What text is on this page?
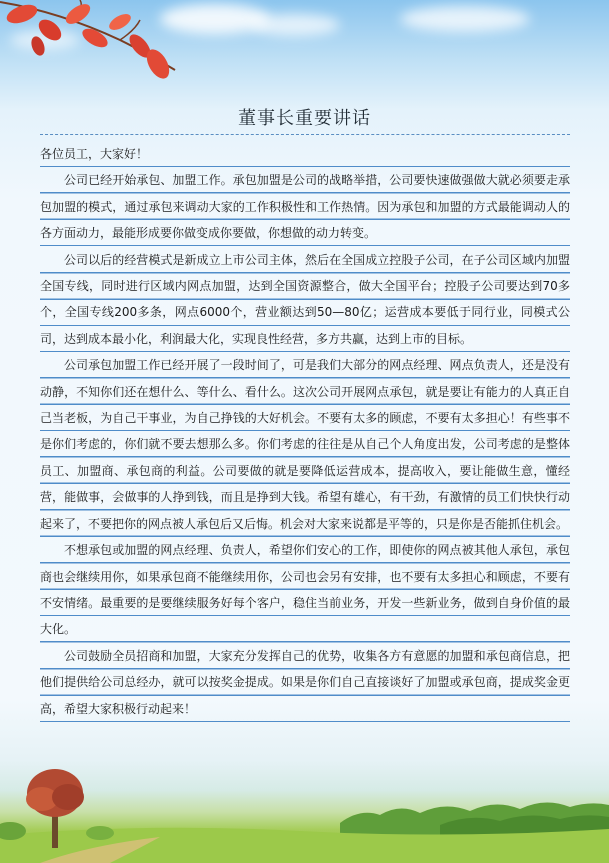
董事长重要讲话

各位员工，大家好！

公司已经开始承包、加盟工作。承包加盟是公司的战略举措，公司要快速做强做大就必须要走承包加盟的模式，通过承包来调动大家的工作积极性和工作热情。因为承包和加盟的方式最能调动人的各方面动力，最能形成要你做变成你要做，你想做的动力转变。

公司以后的经营模式是新成立上市公司主体，然后在全国成立控股子公司，在子公司区域内加盟全国专线，同时进行区域内网点加盟，达到全国资源整合，做大全国平台；控股子公司要达到70多个，全国专线200多条，网点6000个，营业额达到50—80亿；运营成本要低于同行业，同模式公司，达到成本最小化，利润最大化，实现良性经营，多方共赢，达到上市的目标。

公司承包加盟工作已经开展了一段时间了，可是我们大部分的网点经理、网点负责人，还是没有动静，不知你们还在想什么、等什么、看什么。这次公司开展网点承包，就是要让有能力的人真正自己当老板，为自己干事业，为自己挣钱的大好机会。不要有太多的顾虑，不要有太多担心！有些事不是你们考虑的，你们就不要去想那么多。你们考虑的往往是从自己个人角度出发，公司考虑的是整体员工、加盟商、承包商的利益。公司要做的就是要降低运营成本，提高收入，要让能做生意，懂经营，能做事，会做事的人挣到钱，而且是挣到大钱。希望有雄心，有干劲，有激情的员工们快快行动起来了，不要把你的网点被人承包后又后悔。机会对大家来说都是平等的，只是你是否能抓住机会。

不想承包或加盟的网点经理、负责人，希望你们安心的工作，即使你的网点被其他人承包，承包商也会继续用你，如果承包商不能继续用你，公司也会另有安排，也不要有太多担心和顾虑，不要有不安情绪。最重要的是要继续服务好每个客户，稳住当前业务，开发一些新业务，做到自身价值的最大化。

公司鼓励全员招商和加盟，大家充分发挥自己的优势，收集各方有意愿的加盟和承包商信息，把他们提供给公司总经办，就可以按奖金提成。如果是你们自己直接谈好了加盟或承包商，提成奖金更高，希望大家积极行动起来！
